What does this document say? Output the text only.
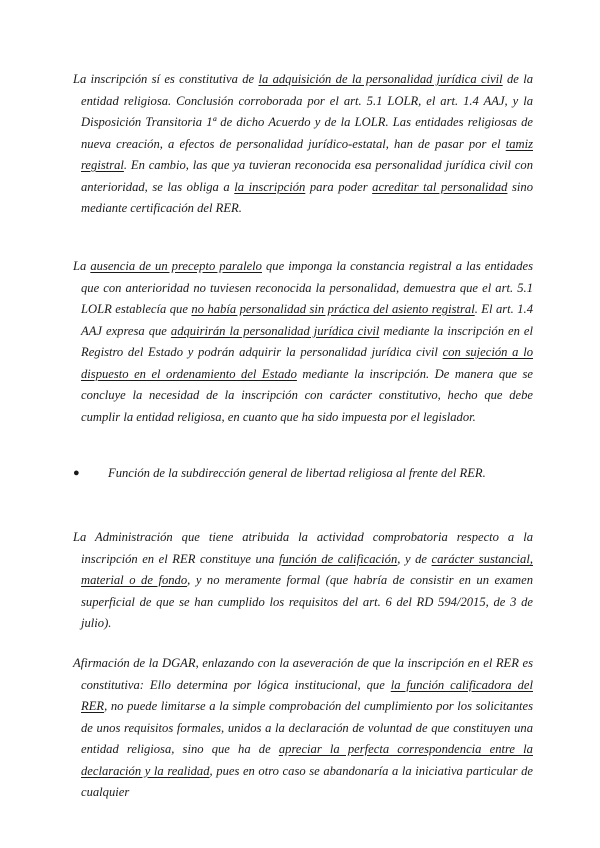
La inscripción sí es constitutiva de la adquisición de la personalidad jurídica civil de la entidad religiosa. Conclusión corroborada por el art. 5.1 LOLR, el art. 1.4 AAJ, y la Disposición Transitoria 1ª de dicho Acuerdo y de la LOLR. Las entidades religiosas de nueva creación, a efectos de personalidad jurídico-estatal, han de pasar por el tamiz registral. En cambio, las que ya tuvieran reconocida esa personalidad jurídica civil con anterioridad, se las obliga a la inscripción para poder acreditar tal personalidad sino mediante certificación del RER.
La ausencia de un precepto paralelo que imponga la constancia registral a las entidades que con anterioridad no tuviesen reconocida la personalidad, demuestra que el art. 5.1 LOLR establecía que no había personalidad sin práctica del asiento registral. El art. 1.4 AAJ expresa que adquirirán la personalidad jurídica civil mediante la inscripción en el Registro del Estado y podrán adquirir la personalidad jurídica civil con sujeción a lo dispuesto en el ordenamiento del Estado mediante la inscripción. De manera que se concluye la necesidad de la inscripción con carácter constitutivo, hecho que debe cumplir la entidad religiosa, en cuanto que ha sido impuesta por el legislador.
● Función de la subdirección general de libertad religiosa al frente del RER.
La Administración que tiene atribuida la actividad comprobatoria respecto a la inscripción en el RER constituye una función de calificación, y de carácter sustancial, material o de fondo, y no meramente formal (que habría de consistir en un examen superficial de que se han cumplido los requisitos del art. 6 del RD 594/2015, de 3 de julio).
Afirmación de la DGAR, enlazando con la aseveración de que la inscripción en el RER es constitutiva: Ello determina por lógica institucional, que la función calificadora del RER, no puede limitarse a la simple comprobación del cumplimiento por los solicitantes de unos requisitos formales, unidos a la declaración de voluntad de que constituyen una entidad religiosa, sino que ha de apreciar la perfecta correspondencia entre la declaración y la realidad, pues en otro caso se abandonaría a la iniciativa particular de cualquier
